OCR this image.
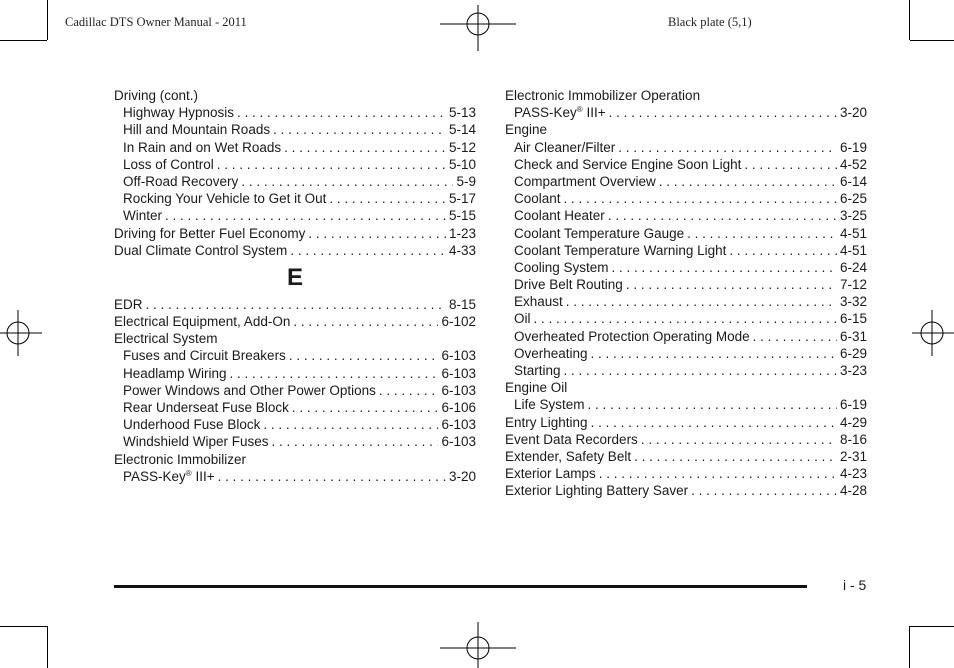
Cadillac DTS Owner Manual - 2011	Black plate (5,1)
Driving (cont.)
Highway Hypnosis . . .	5-13
Hill and Mountain Roads . . .	5-14
In Rain and on Wet Roads . . .	5-12
Loss of Control . . .	5-10
Off-Road Recovery . . .	5-9
Rocking Your Vehicle to Get it Out . . .	5-17
Winter . . .	5-15
Driving for Better Fuel Economy . . .	1-23
Dual Climate Control System . . .	4-33
E
EDR . . .	8-15
Electrical Equipment, Add-On . . .	6-102
Electrical System
Fuses and Circuit Breakers . . .	6-103
Headlamp Wiring . . .	6-103
Power Windows and Other Power Options . . .	6-103
Rear Underseat Fuse Block . . .	6-106
Underhood Fuse Block . . .	6-103
Windshield Wiper Fuses . . .	6-103
Electronic Immobilizer
PASS-Key® III+ . . .	3-20
Electronic Immobilizer Operation
PASS-Key® III+ . . .	3-20
Engine
Air Cleaner/Filter . . .	6-19
Check and Service Engine Soon Light . . .	4-52
Compartment Overview . . .	6-14
Coolant . . .	6-25
Coolant Heater . . .	3-25
Coolant Temperature Gauge . . .	4-51
Coolant Temperature Warning Light . . .	4-51
Cooling System . . .	6-24
Drive Belt Routing . . .	7-12
Exhaust . . .	3-32
Oil . . .	6-15
Overheated Protection Operating Mode . . .	6-31
Overheating . . .	6-29
Starting . . .	3-23
Engine Oil
Life System . . .	6-19
Entry Lighting . . .	4-29
Event Data Recorders . . .	8-16
Extender, Safety Belt . . .	2-31
Exterior Lamps . . .	4-23
Exterior Lighting Battery Saver . . .	4-28
i - 5
